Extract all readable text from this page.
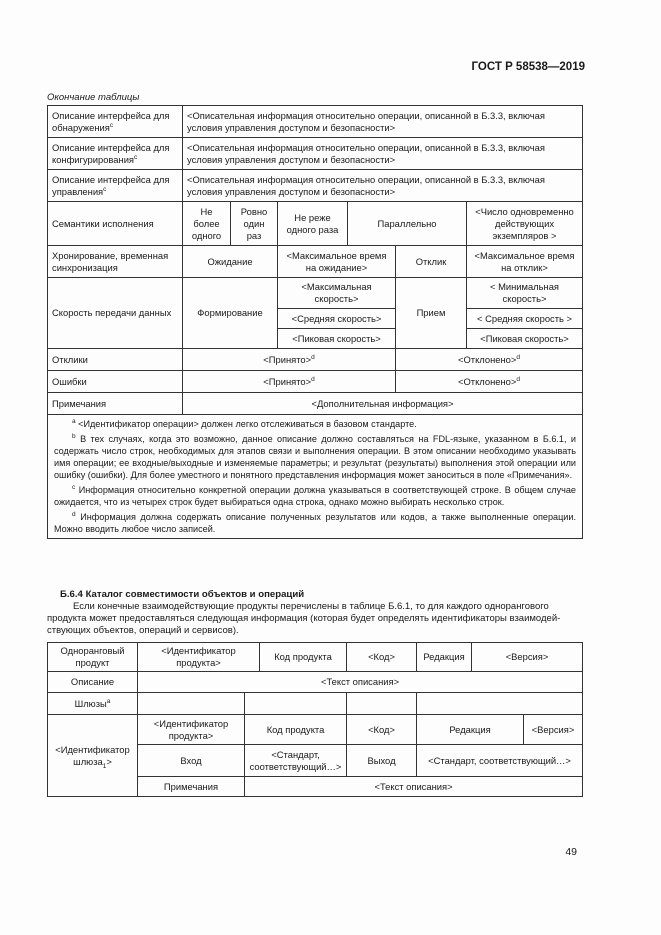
ГОСТ Р 58538—2019
Окончание таблицы
Описание интерфейса для обнаружения$^c$	<Описательная информация относительно операции, описанной в Б.3.3, включая условия управления доступом и безопасности>					
Описание интерфейса для конфигурирования$^c$	<Описательная информация относительно операции, описанной в Б.3.3, включая условия управления доступом и безопасности>					
Описание интерфейса для управления$^c$	<Описательная информация относительно операции, описанной в Б.3.3, включая условия управления доступом и безопасности>					
Семантики исполнения	Не более одного	Ровно один раз	Не реже одного раза	Параллельно		<Число одновременно действующих экземпляров >
Хронирование, временная синхронизация	Ожидание		<Максимальное время на ожидание>		Отклик	<Максимальное время на отклик>
Скорость передачи данных	Формирование		<Максимальная скорость>		Прием	< Минимальная скорость>
			<Средняя скорость>			< Средняя скорость >
			<Пиковая скорость>			<Пиковая скорость>
Отклики	<Принято>$^d$				<Отклонено>$^d$
Ошибки	<Принято>$^d$				<Отклонено>$^d$
Примечания	<Дополнительная информация>					

$^a$ <Идентификатор операции> должен легко отслеживаться в базовом стандарте.

$^b$ В тех случаях, когда это возможно, данное описание должно составляться на FDL-языке, указанном в Б.6.1, и содержать число строк, необходимых для этапов связи и выполнения операции. В этом описании необходимо указывать имя операции; ее входные/выходные и изменяемые параметры; и результат (результаты) выполнения этой операции или ошибку (ошибки). Для более уместного и понятного представления информация может заноситься в поле «Примечания».

$^c$ Информация относительно конкретной операции должна указываться в соответствующей строке. В общем случае ожидается, что из четырех строк будет выбираться одна строка, однако можно выбирать несколько строк.

$^d$ Информация должна содержать описание полученных результатов или кодов, а также выполненные операции. Можно вводить любое число записей.						

Б.6.4 Каталог совместимости объектов и операций
Если конечные взаимодействующие продукты перечислены в таблице Б.6.1, то для каждого однорангового
продукта может предоставляться следующая информация (которая будет определять идентификаторы взаимодей-
ствующих объектов, операций и сервисов).
Одноранговый продукт	<Идентификатор продукта>		Код продукта	<Код>	Редакция	<Версия>	
Описание	<Текст описания>						
Шлюзы$^a$				
<Идентификатор шлюза$_1$>	<Идентификатор продукта>	Код продукта		<Код>	Редакция		<Версия>
	Вход	<Стандарт, соответствующий…>		Выход	<Стандарт, соответствующий…>		
	Примечания	<Текст описания>					
49
